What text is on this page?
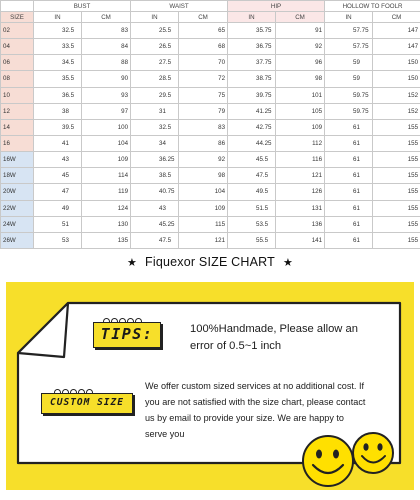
	BUST		WAIST		HIP		HOLLOW TO FOOLR	
SIZE	IN	CM	IN	CM	IN	CM	IN	CM
02	32.5	83	25.5	65	35.75	91	57.75	147
04	33.5	84	26.5	68	36.75	92	57.75	147
06	34.5	88	27.5	70	37.75	96	59	150
08	35.5	90	28.5	72	38.75	98	59	150
10	36.5	93	29.5	75	39.75	101	59.75	152
12	38	97	31	79	41.25	105	59.75	152
14	39.5	100	32.5	83	42.75	109	61	155
16	41	104	34	86	44.25	112	61	155
16W	43	109	36.25	92	45.5	116	61	155
18W	45	114	38.5	98	47.5	121	61	155
20W	47	119	40.75	104	49.5	126	61	155
22W	49	124	43	109	51.5	131	61	155
24W	51	130	45.25	115	53.5	136	61	155
26W	53	135	47.5	121	55.5	141	61	155
★ Fiquexor SIZE CHART ★
TIPS:
CUSTOM SIZE
100%Handmade, Please allow an error of 0.5~1 inch
We offer custom sized services at no additional cost. If you are not satisfied with the size chart, please contact us by email to provide your size. We are happy to serve you
